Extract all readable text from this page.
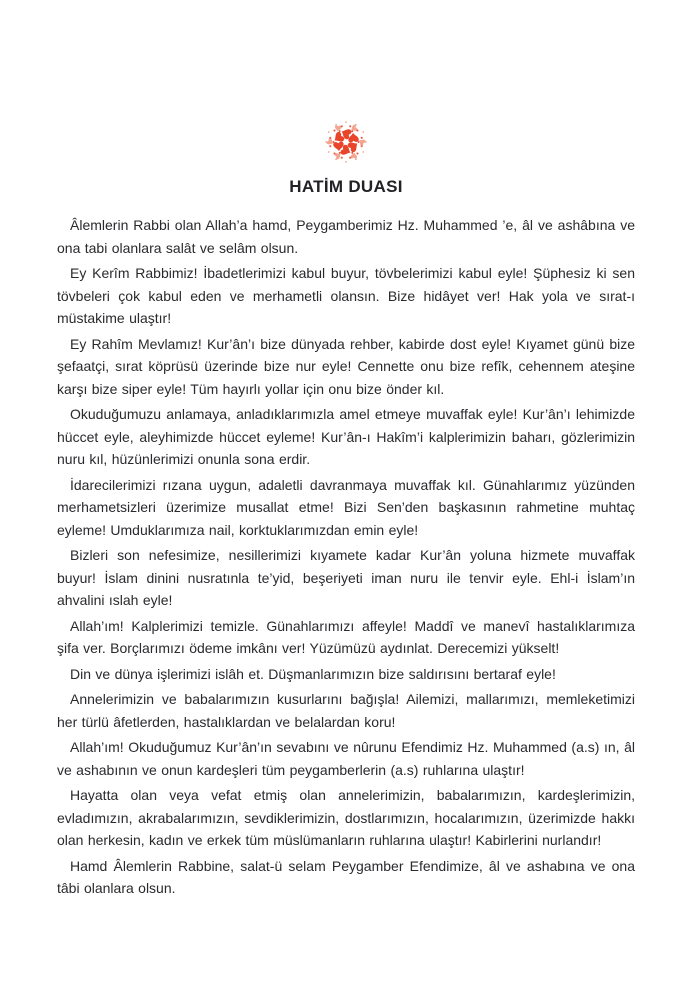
HATİM DUASI

Âlemlerin Rabbi olan Allah’a hamd, Peygamberimiz Hz. Muhammed ’e, âl ve ashâbına ve ona tabi olanlara salât ve selâm olsun.

Ey Kerîm Rabbimiz! İbadetlerimizi kabul buyur, tövbelerimizi kabul eyle! Şüphesiz ki sen tövbeleri çok kabul eden ve merhametli olansın. Bize hidâyet ver! Hak yola ve sırat-ı müstakime ulaştır!

Ey Rahîm Mevlamız! Kur’ân’ı bize dünyada rehber, kabirde dost eyle! Kıyamet günü bize şefaatçi, sırat köprüsü üzerinde bize nur eyle! Cennette onu bize refîk, cehennem ateşine karşı bize siper eyle! Tüm hayırlı yollar için onu bize önder kıl.

Okuduğumuzu anlamaya, anladıklarımızla amel etmeye muvaffak eyle! Kur’ân’ı lehimizde hüccet eyle, aleyhimizde hüccet eyleme! Kur’ân-ı Hakîm’i kalplerimizin baharı, gözlerimizin nuru kıl, hüzünlerimizi onunla sona erdir.

İdarecilerimizi rızana uygun, adaletli davranmaya muvaffak kıl. Günahlarımız yüzünden merhametsizleri üzerimize musallat etme! Bizi Sen’den başkasının rahmetine muhtaç eyleme! Umduklarımıza nail, korktuklarımızdan emin eyle!

Bizleri son nefesimize, nesillerimizi kıyamete kadar Kur’ân yoluna hizmete muvaffak buyur! İslam dinini nusratınla te’yid, beşeriyeti iman nuru ile tenvir eyle. Ehl-i İslam’ın ahvalini ıslah eyle!

Allah’ım! Kalplerimizi temizle. Günahlarımızı affeyle! Maddî ve manevî hastalıklarımıza şifa ver. Borçlarımızı ödeme imkânı ver! Yüzümüzü aydınlat. Derecemizi yükselt!

Din ve dünya işlerimizi islâh et. Düşmanlarımızın bize saldırısını bertaraf eyle!

Annelerimizin ve babalarımızın kusurlarını bağışla! Ailemizi, mallarımızı, memleketimizi her türlü âfetlerden, hastalıklardan ve belalardan koru!

Allah’ım! Okuduğumuz Kur’ân’ın sevabını ve nûrunu Efendimiz Hz. Muhammed (a.s) ın, âl ve ashabının ve onun kardeşleri tüm peygamberlerin (a.s) ruhlarına ulaştır!

Hayatta olan veya vefat etmiş olan annelerimizin, babalarımızın, kardeşlerimizin, evladımızın, akrabalarımızın, sevdiklerimizin, dostlarımızın, hocalarımızın, üzerimizde hakkı olan herkesin, kadın ve erkek tüm müslümanların ruhlarına ulaştır! Kabirlerini nurlandır!

Hamd Âlemlerin Rabbine, salat-ü selam Peygamber Efendimize, âl ve ashabına ve ona tâbi olanlara olsun.
